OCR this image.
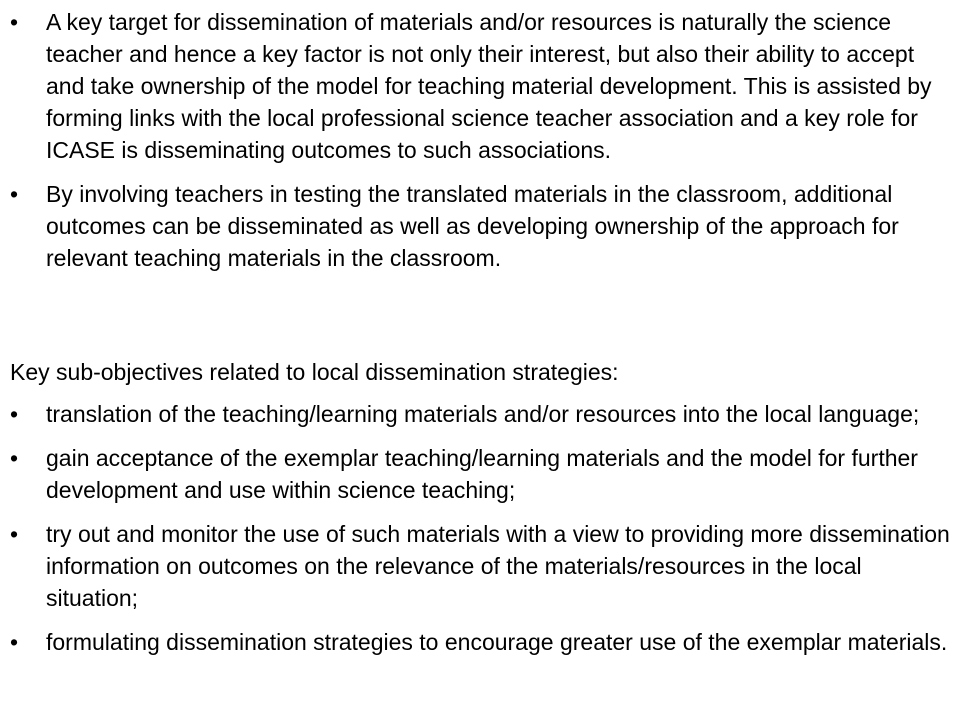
• A key target for dissemination of materials and/or resources is naturally the science teacher and hence a key factor is not only their interest, but also their ability to accept and take ownership of the model for teaching material development. This is assisted by forming links with the local professional science teacher association and a key role for ICASE is disseminating outcomes to such associations.
• By involving teachers in testing the translated materials in the classroom, additional outcomes can be disseminated as well as developing ownership of the approach for relevant teaching materials in the classroom.
Key sub-objectives related to local dissemination strategies:
• translation of the teaching/learning materials and/or resources into the local language;
• gain acceptance of the exemplar teaching/learning materials and the model for further development and use within science teaching;
• try out and monitor the use of such materials with a view to providing more dissemination information on outcomes on the relevance of the materials/resources in the local situation;
• formulating dissemination strategies to encourage greater use of the exemplar materials.
